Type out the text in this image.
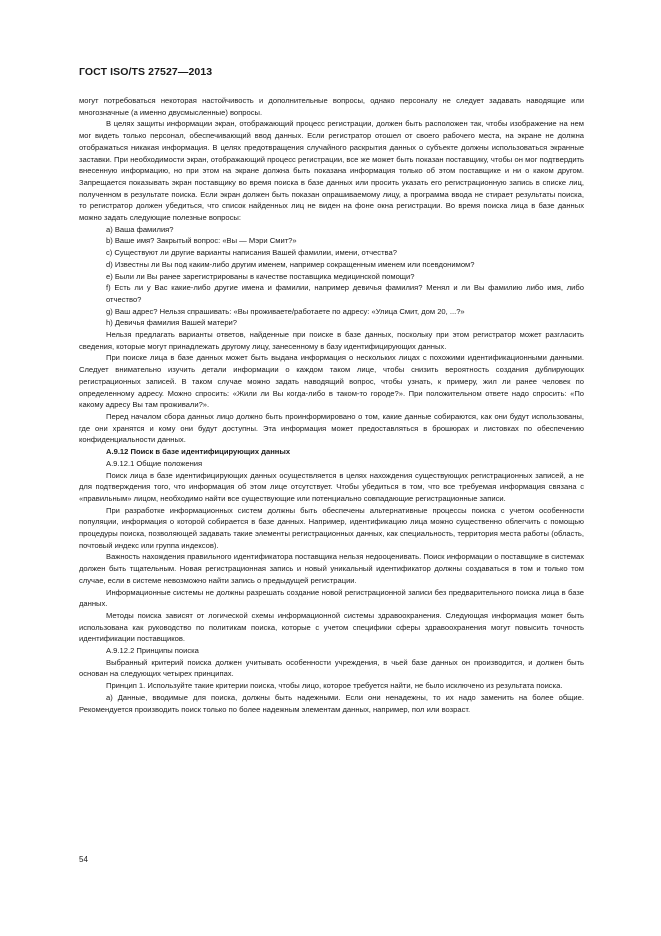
ГОСТ ISO/TS 27527—2013

могут потребоваться некоторая настойчивость и дополнительные вопросы, однако персоналу не следует задавать наводящие или многозначные (а именно двусмысленные) вопросы.

В целях защиты информации экран, отображающий процесс регистрации, должен быть расположен так, чтобы изображение на нем мог видеть только персонал, обеспечивающий ввод данных. Если регистратор отошел от своего рабочего места, на экране не должна отображаться никакая информация. В целях предотвращения случайного раскрытия данных о субъекте должны использоваться экранные заставки. При необходимости экран, отображающий процесс регистрации, все же может быть показан поставщику, чтобы он мог подтвердить внесенную информацию, но при этом на экране должна быть показана информация только об этом поставщике и ни о каком другом. Запрещается показывать экран поставщику во время поиска в базе данных или просить указать его регистрационную запись в списке лиц, полученном в результате поиска. Если экран должен быть показан опрашиваемому лицу, а программа ввода не стирает результаты поиска, то регистратор должен убедиться, что список найденных лиц не виден на фоне окна регистрации. Во время поиска лица в базе данных можно задать следующие полезные вопросы:

a) Ваша фамилия?

b) Ваше имя? Закрытый вопрос: «Вы — Мэри Смит?»

c) Существуют ли другие варианты написания Вашей фамилии, имени, отчества?

d) Известны ли Вы под каким-либо другим именем, например сокращенным именем или псевдонимом?

e) Были ли Вы ранее зарегистрированы в качестве поставщика медицинской помощи?

f) Есть ли у Вас какие-либо другие имена и фамилии, например девичья фамилия? Менял и ли Вы фамилию либо имя, либо отчество?

g) Ваш адрес? Нельзя спрашивать: «Вы проживаете/работаете по адресу: «Улица Смит, дом 20, ...?»

h) Девичья фамилия Вашей матери?

Нельзя предлагать варианты ответов, найденные при поиске в базе данных, поскольку при этом регистратор может разгласить сведения, которые могут принадлежать другому лицу, занесенному в базу идентифицирующих данных.

При поиске лица в базе данных может быть выдана информация о нескольких лицах с похожими идентификационными данными. Следует внимательно изучить детали информации о каждом таком лице, чтобы снизить вероятность создания дублирующих регистрационных записей. В таком случае можно задать наводящий вопрос, чтобы узнать, к примеру, жил ли ранее человек по определенному адресу. Можно спросить: «Жили ли Вы когда-либо в таком-то городе?». При положительном ответе надо спросить: «По какому адресу Вы там проживали?».

Перед началом сбора данных лицо должно быть проинформировано о том, какие данные собираются, как они будут использованы, где они хранятся и кому они будут доступны. Эта информация может предоставляться в брошюрах и листовках по обеспечению конфиденциальности данных.

А.9.12 Поиск в базе идентифицирующих данных

А.9.12.1 Общие положения

Поиск лица в базе идентифицирующих данных осуществляется в целях нахождения существующих регистрационных записей, а не для подтверждения того, что информация об этом лице отсутствует. Чтобы убедиться в том, что все требуемая информация связана с «правильным» лицом, необходимо найти все существующие или потенциально совпадающие регистрационные записи.

При разработке информационных систем должны быть обеспечены альтернативные процессы поиска с учетом особенности популяции, информация о которой собирается в базе данных. Например, идентификацию лица можно существенно облегчить с помощью процедуры поиска, позволяющей задавать такие элементы регистрационных данных, как специальность, территория места работы (область, почтовый индекс или группа индексов).

Важность нахождения правильного идентификатора поставщика нельзя недооценивать. Поиск информации о поставщике в системах должен быть тщательным. Новая регистрационная запись и новый уникальный идентификатор должны создаваться в том и только том случае, если в системе невозможно найти запись о предыдущей регистрации.

Информационные системы не должны разрешать создание новой регистрационной записи без предварительного поиска лица в базе данных.

Методы поиска зависят от логической схемы информационной системы здравоохранения. Следующая информация может быть использована как руководство по политикам поиска, которые с учетом специфики сферы здравоохранения могут повысить точность идентификации поставщиков.

А.9.12.2 Принципы поиска

Выбранный критерий поиска должен учитывать особенности учреждения, в чьей базе данных он производится, и должен быть основан на следующих четырех принципах.

Принцип 1. Используйте такие критерии поиска, чтобы лицо, которое требуется найти, не было исключено из результата поиска.

a) Данные, вводимые для поиска, должны быть надежными. Если они ненадежны, то их надо заменить на более общие. Рекомендуется производить поиск только по более надежным элементам данных, например, пол или возраст.

54
